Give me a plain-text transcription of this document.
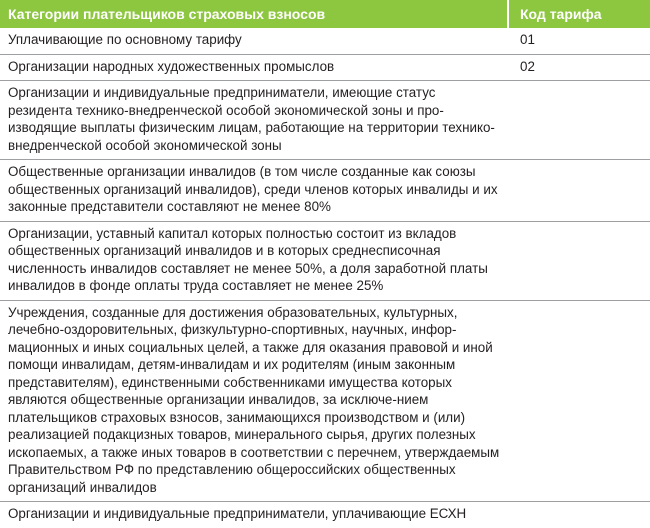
Категории плательщиков страховых взносов	Код тарифа
Уплачивающие по основному тарифу	01
Организации народных художественных промыслов	02
Организации и индивидуальные предприниматели, имеющие статус резидента технико-внедренческой особой экономической зоны и про-изводящие выплаты физическим лицам, работающие на территории технико-внедренческой особой экономической зоны
Общественные организации инвалидов (в том числе созданные как союзы общественных организаций инвалидов), среди членов которых инвалиды и их законные представители составляют не менее 80%
Организации, уставный капитал которых полностью состоит из вкладов общественных организаций инвалидов и в которых среднесписочная численность инвалидов составляет не менее 50%, а доля заработной платы инвалидов в фонде оплаты труда составляет не менее 25%
Учреждения, созданные для достижения образовательных, культурных, лечебно-оздоровительных, физкультурно-спортивных, научных, инфор-мационных и иных социальных целей, а также для оказания правовой и иной помощи инвалидам, детям-инвалидам и их родителям (иным законным представителям), единственными собственниками имущества которых являются общественные организации инвалидов, за исключе-нием плательщиков страховых взносов, занимающихся производством и (или) реализацией подакцизных товаров, минерального сырья, других полезных ископаемых, а также иных товаров в соответствии с перечнем, утверждаемым Правительством РФ по представлению общероссийских общественных организаций инвалидов
Организации и индивидуальные предприниматели, уплачивающие ЕСХН
